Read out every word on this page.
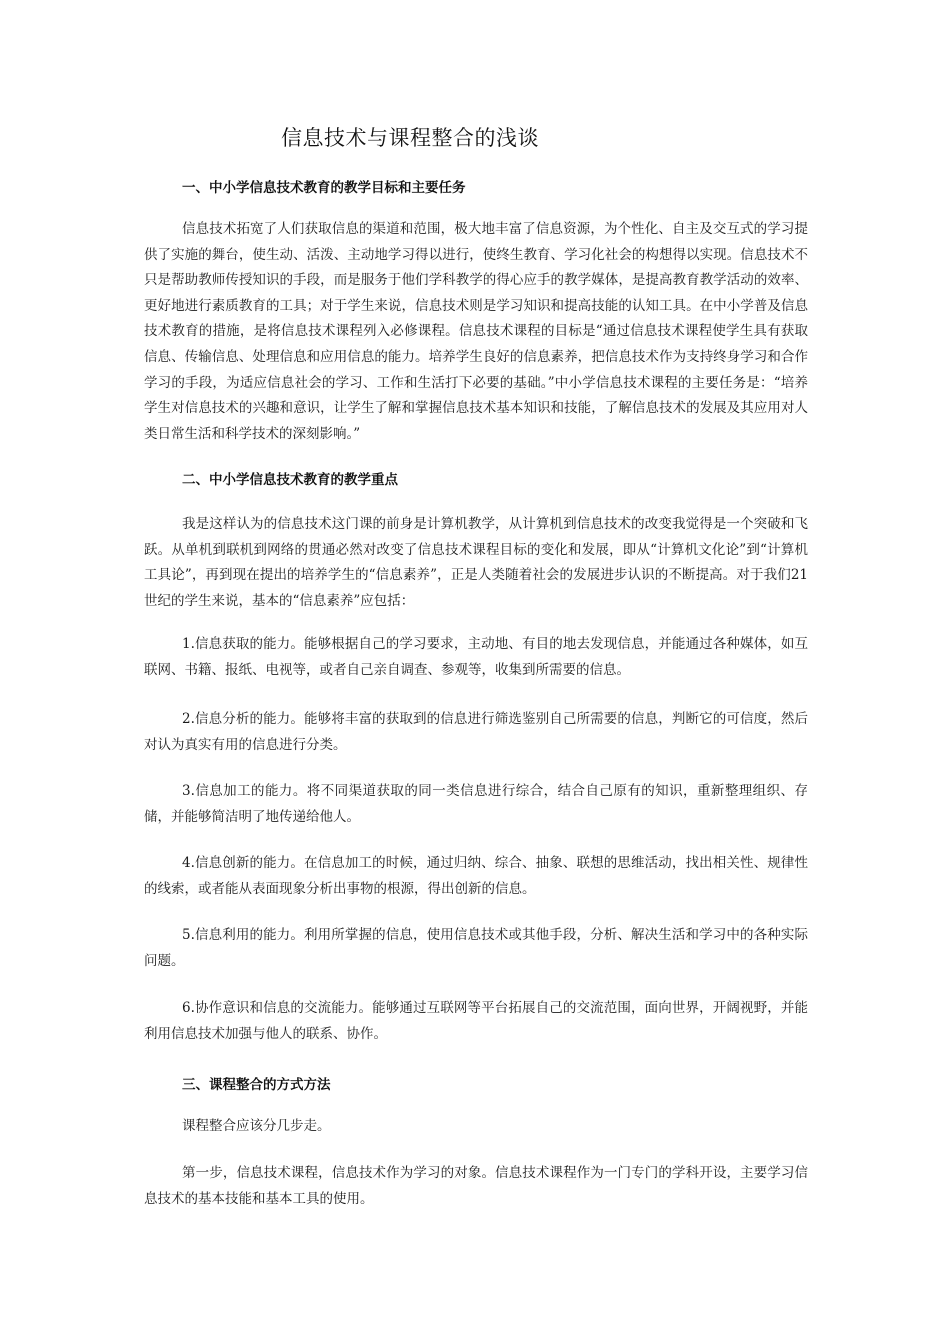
信息技术与课程整合的浅谈
一、中小学信息技术教育的教学目标和主要任务

信息技术拓宽了人们获取信息的渠道和范围，极大地丰富了信息资源，为个性化、自主及交互式的学习提供了实施的舞台，使生动、活泼、主动地学习得以进行，使终生教育、学习化社会的构想得以实现。信息技术不只是帮助教师传授知识的手段，而是服务于他们学科教学的得心应手的教学媒体，是提高教育教学活动的效率、更好地进行素质教育的工具；对于学生来说，信息技术则是学习知识和提高技能的认知工具。在中小学普及信息技术教育的措施，是将信息技术课程列入必修课程。信息技术课程的目标是“通过信息技术课程使学生具有获取信息、传输信息、处理信息和应用信息的能力。培养学生良好的信息素养，把信息技术作为支持终身学习和合作学习的手段，为适应信息社会的学习、工作和生活打下必要的基础。”中小学信息技术课程的主要任务是：“培养学生对信息技术的兴趣和意识，让学生了解和掌握信息技术基本知识和技能，了解信息技术的发展及其应用对人类日常生活和科学技术的深刻影响。”

二、中小学信息技术教育的教学重点

我是这样认为的信息技术这门课的前身是计算机教学，从计算机到信息技术的改变我觉得是一个突破和飞跃。从单机到联机到网络的贯通必然对改变了信息技术课程目标的变化和发展，即从“计算机文化论”到“计算机工具论”，再到现在提出的培养学生的“信息素养”，正是人类随着社会的发展进步认识的不断提高。对于我们21世纪的学生来说，基本的“信息素养”应包括：

1.信息获取的能力。能够根据自己的学习要求，主动地、有目的地去发现信息，并能通过各种媒体，如互联网、书籍、报纸、电视等，或者自己亲自调查、参观等，收集到所需要的信息。

2.信息分析的能力。能够将丰富的获取到的信息进行筛选鉴别自己所需要的信息，判断它的可信度，然后对认为真实有用的信息进行分类。

3.信息加工的能力。将不同渠道获取的同一类信息进行综合，结合自己原有的知识，重新整理组织、存储，并能够简洁明了地传递给他人。

4.信息创新的能力。在信息加工的时候，通过归纳、综合、抽象、联想的思维活动，找出相关性、规律性的线索，或者能从表面现象分析出事物的根源，得出创新的信息。

5.信息利用的能力。利用所掌握的信息，使用信息技术或其他手段，分析、解决生活和学习中的各种实际问题。

6.协作意识和信息的交流能力。能够通过互联网等平台拓展自己的交流范围，面向世界，开阔视野，并能利用信息技术加强与他人的联系、协作。

三、课程整合的方式方法

课程整合应该分几步走。

第一步，信息技术课程，信息技术作为学习的对象。信息技术课程作为一门专门的学科开设，主要学习信息技术的基本技能和基本工具的使用。
